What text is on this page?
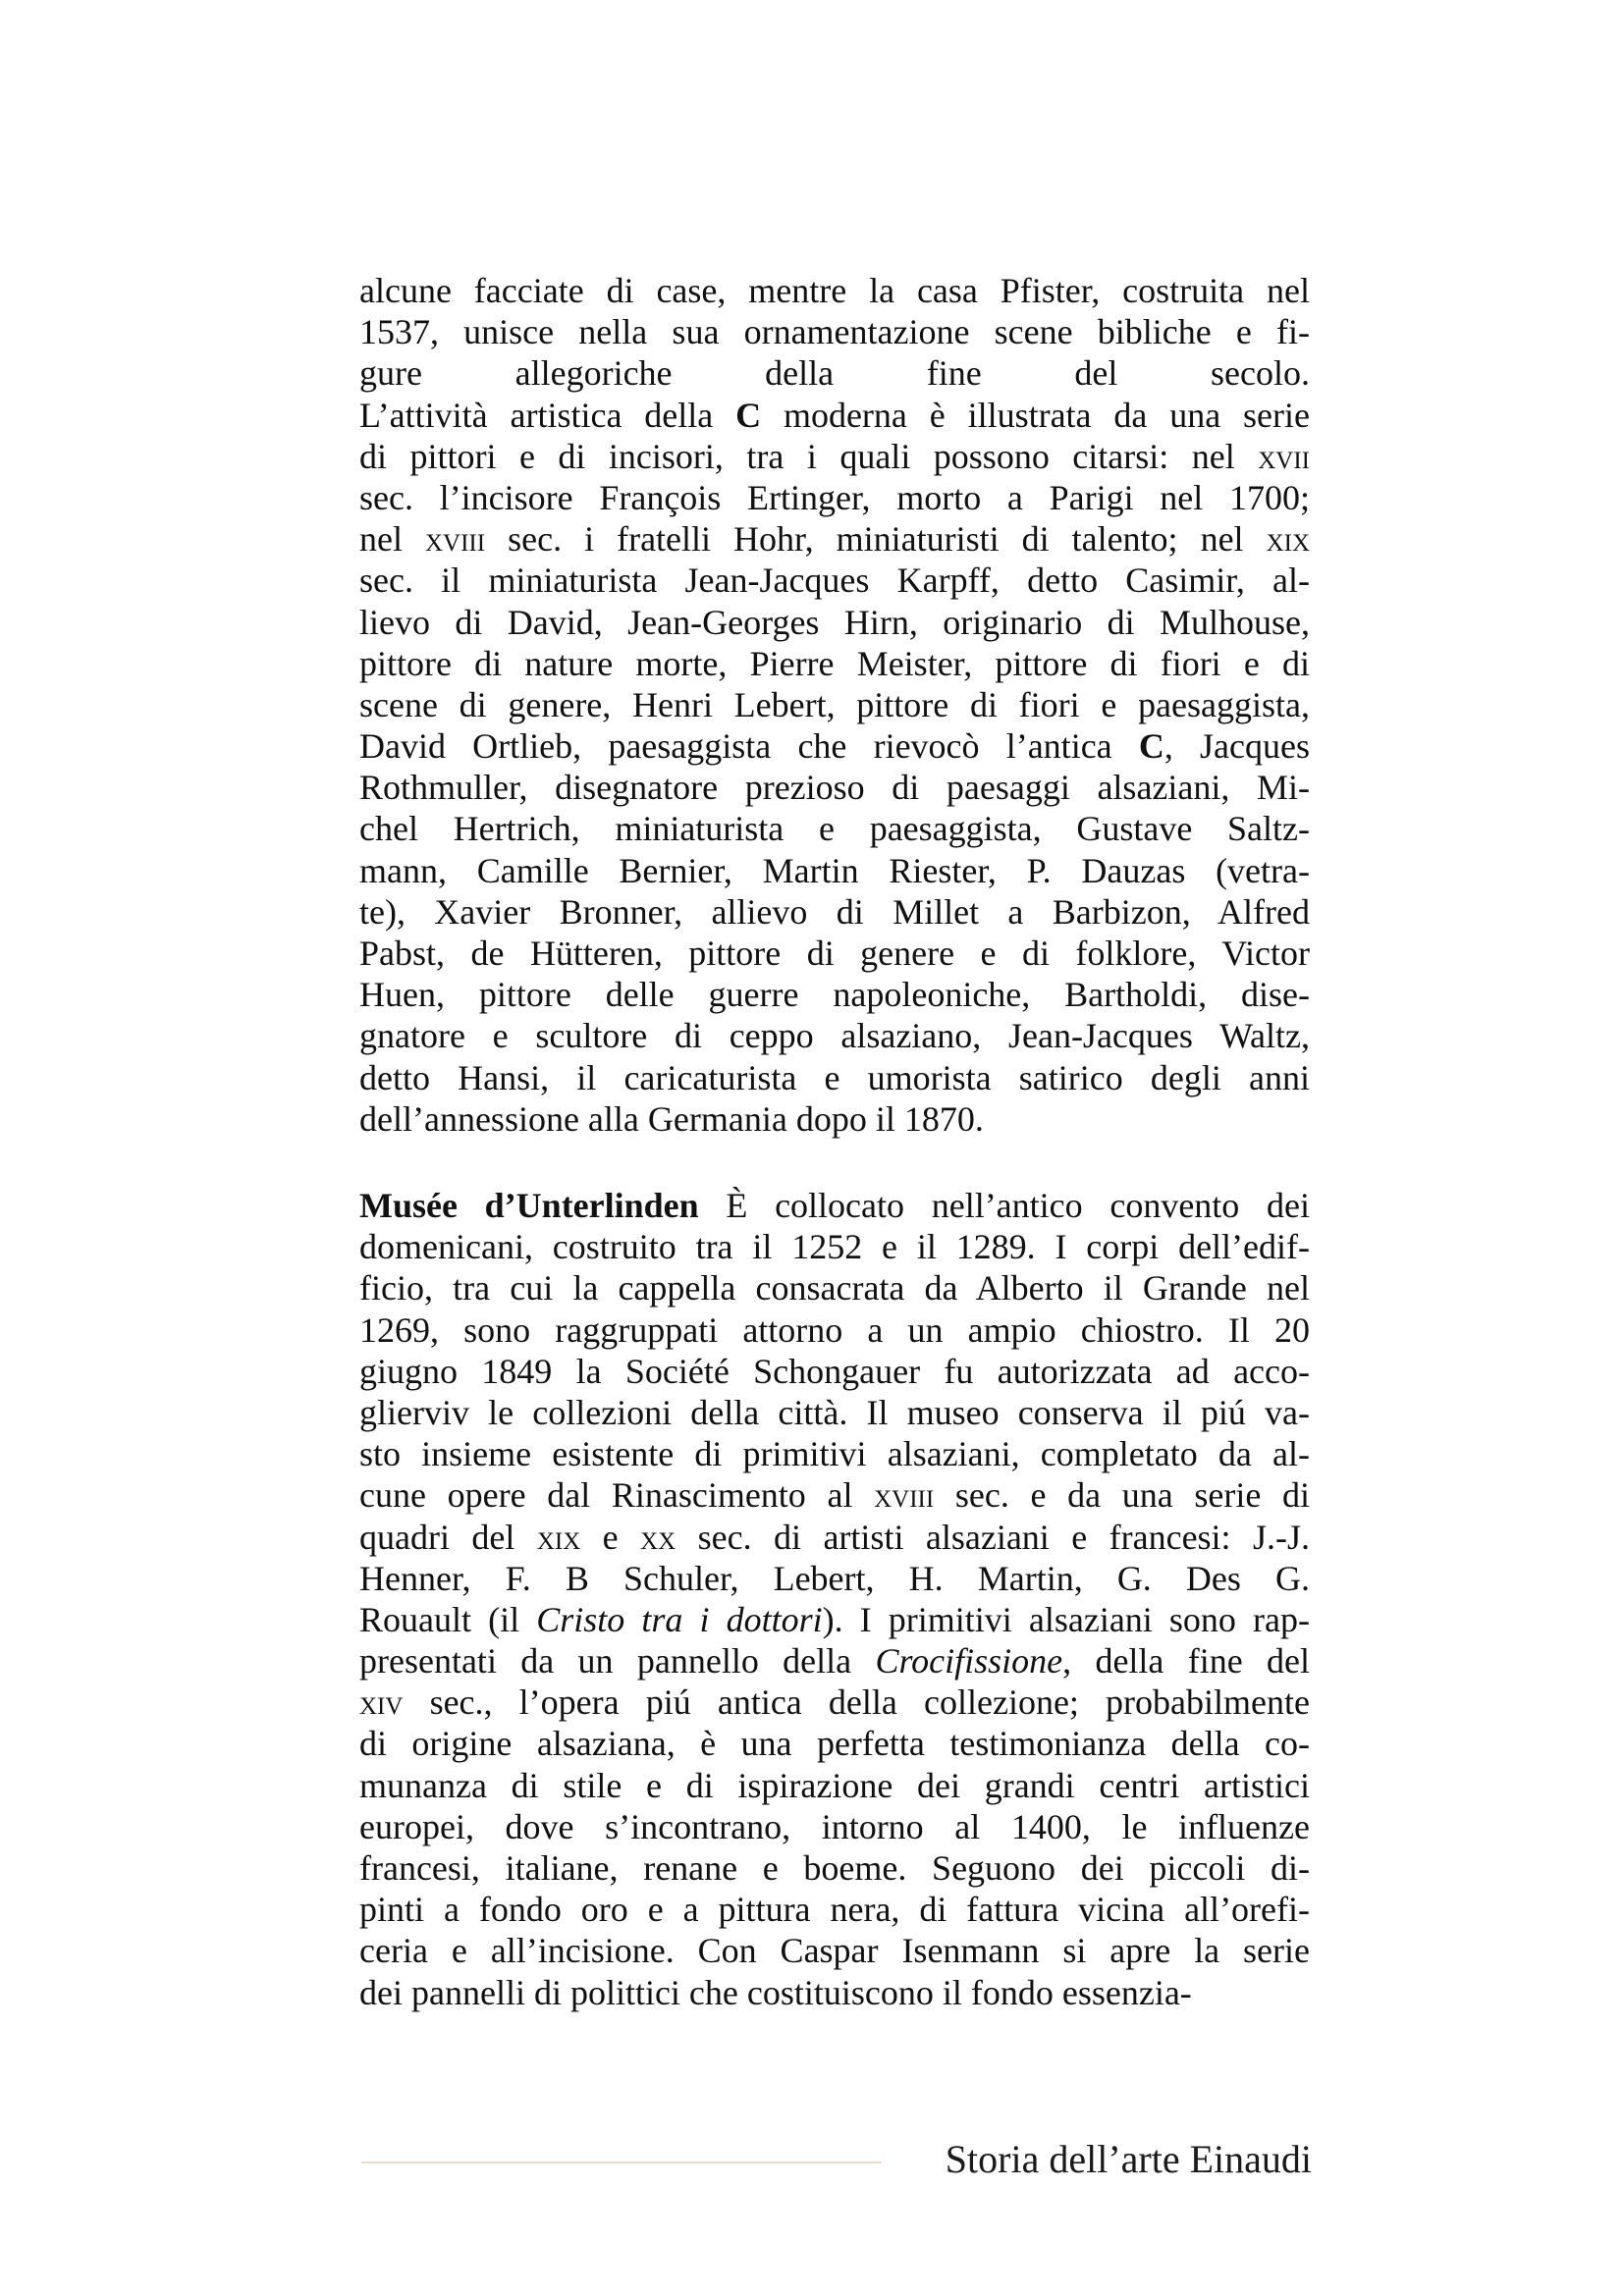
alcune facciate di case, mentre la casa Pfister, costruita nel
1537, unisce nella sua ornamentazione scene bibliche e fi-
gure allegoriche della fine del secolo.
L’attività artistica della C moderna è illustrata da una serie
di pittori e di incisori, tra i quali possono citarsi: nel xvii
sec. l’incisore François Ertinger, morto a Parigi nel 1700;
nel xviii sec. i fratelli Hohr, miniaturisti di talento; nel xix
sec. il miniaturista Jean-Jacques Karpff, detto Casimir, al-
lievo di David, Jean-Georges Hirn, originario di Mulhouse,
pittore di nature morte, Pierre Meister, pittore di fiori e di
scene di genere, Henri Lebert, pittore di fiori e paesaggista,
David Ortlieb, paesaggista che rievocò l’antica C, Jacques
Rothmuller, disegnatore prezioso di paesaggi alsaziani, Mi-
chel Hertrich, miniaturista e paesaggista, Gustave Saltz-
mann, Camille Bernier, Martin Riester, P. Dauzas (vetra-
te), Xavier Bronner, allievo di Millet a Barbizon, Alfred
Pabst, de Hütteren, pittore di genere e di folklore, Victor
Huen, pittore delle guerre napoleoniche, Bartholdi, dise-
gnatore e scultore di ceppo alsaziano, Jean-Jacques Waltz,
detto Hansi, il caricaturista e umorista satirico degli anni
dell’annessione alla Germania dopo il 1870.
Musée d’Unterlinden È collocato nell’antico convento dei
domenicani, costruito tra il 1252 e il 1289. I corpi dell’edif-
ficio, tra cui la cappella consacrata da Alberto il Grande nel
1269, sono raggruppati attorno a un ampio chiostro. Il 20
giugno 1849 la Société Schongauer fu autorizzata ad acco-
glierviv le collezioni della città. Il museo conserva il piú va-
sto insieme esistente di primitivi alsaziani, completato da al-
cune opere dal Rinascimento al xviii sec. e da una serie di
quadri del xix e xx sec. di artisti alsaziani e francesi: J.-J.
Henner, F. B Schuler, Lebert, H. Martin, G. Des G.
Rouault (il Cristo tra i dottori). I primitivi alsaziani sono rap-
presentati da un pannello della Crocifissione, della fine del
xiv sec., l’opera piú antica della collezione; probabilmente
di origine alsaziana, è una perfetta testimonianza della co-
munanza di stile e di ispirazione dei grandi centri artistici
europei, dove s’incontrano, intorno al 1400, le influenze
francesi, italiane, renane e boeme. Seguono dei piccoli di-
pinti a fondo oro e a pittura nera, di fattura vicina all’orefi-
ceria e all’incisione. Con Caspar Isenmann si apre la serie
dei pannelli di polittici che costituiscono il fondo essenzia-
Storia dell’arte Einaudi
